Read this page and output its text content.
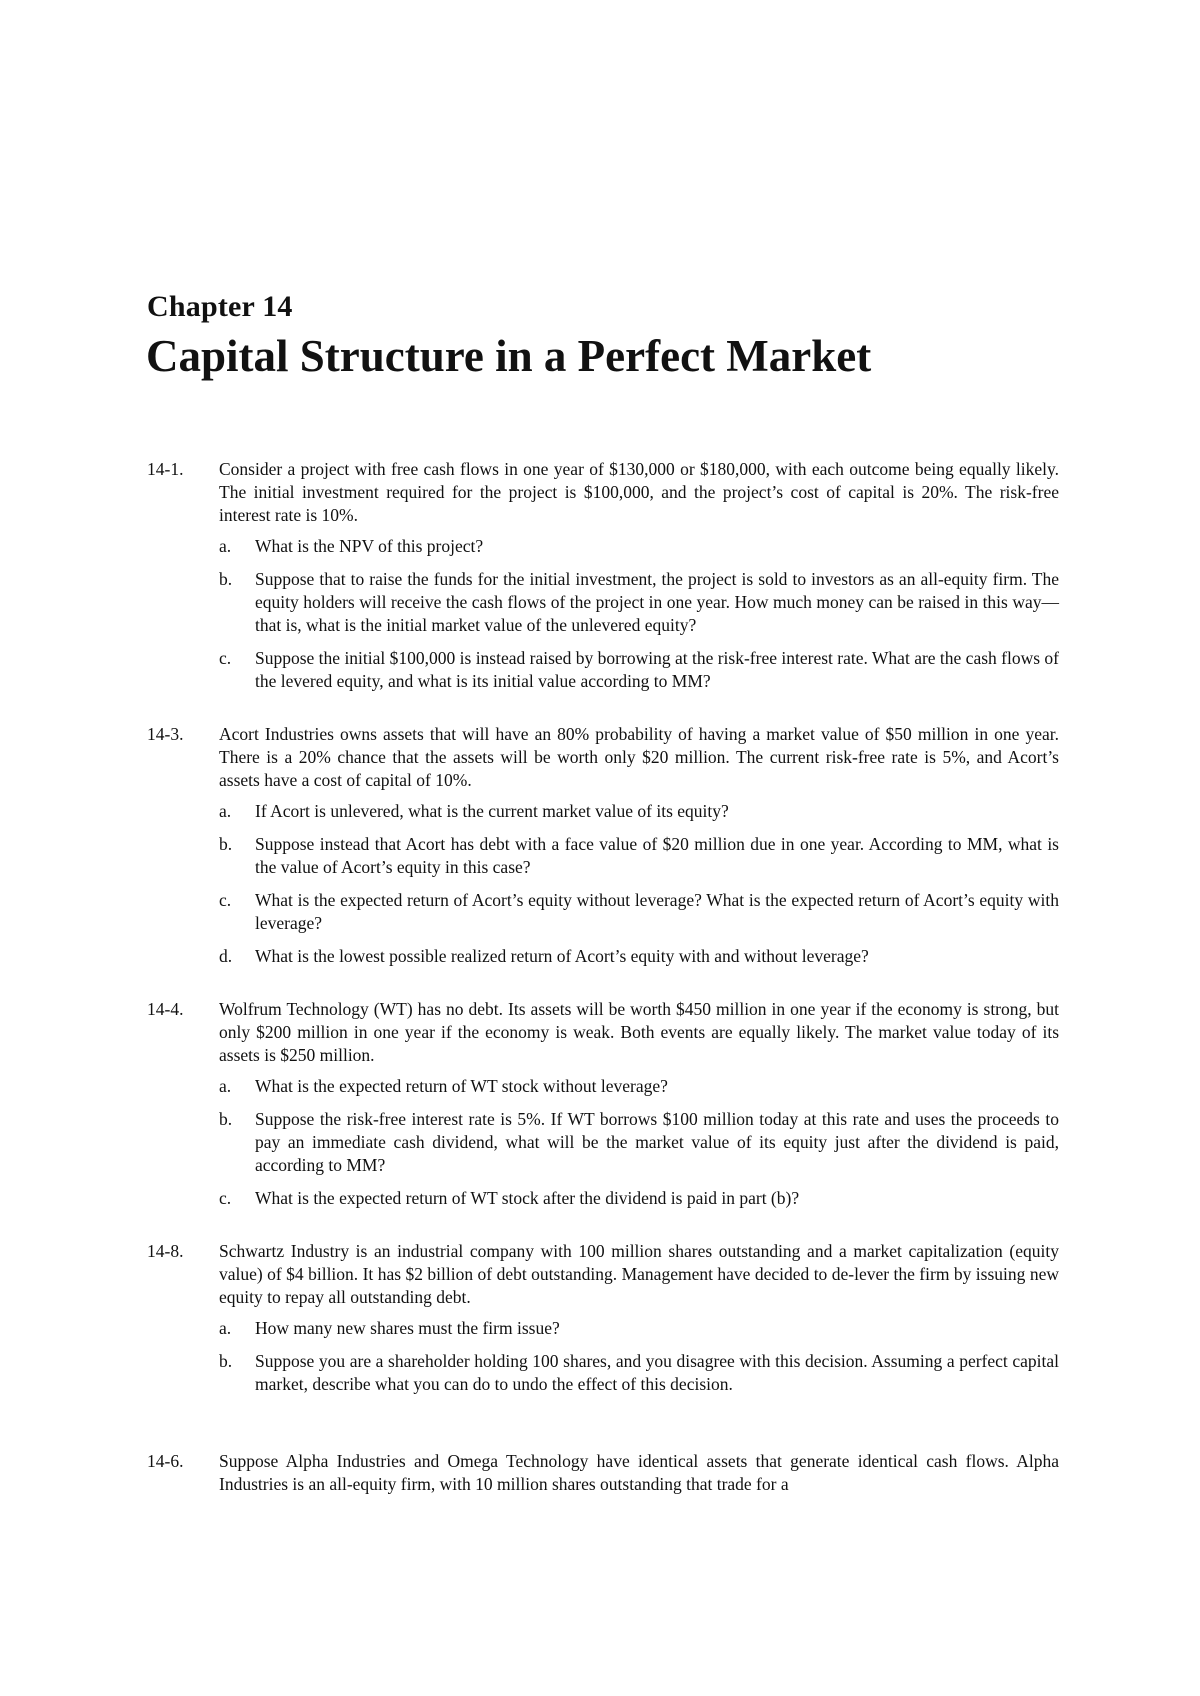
Chapter 14
Capital Structure in a Perfect Market
14-1.	Consider a project with free cash flows in one year of $130,000 or $180,000, with each outcome being equally likely. The initial investment required for the project is $100,000, and the project’s cost of capital is 20%. The risk-free interest rate is 10%.
a.	What is the NPV of this project?
b.	Suppose that to raise the funds for the initial investment, the project is sold to investors as an all-equity firm. The equity holders will receive the cash flows of the project in one year. How much money can be raised in this way—that is, what is the initial market value of the unlevered equity?
c.	Suppose the initial $100,000 is instead raised by borrowing at the risk-free interest rate. What are the cash flows of the levered equity, and what is its initial value according to MM?
14-3.	Acort Industries owns assets that will have an 80% probability of having a market value of $50 million in one year. There is a 20% chance that the assets will be worth only $20 million. The current risk-free rate is 5%, and Acort’s assets have a cost of capital of 10%.
a.	If Acort is unlevered, what is the current market value of its equity?
b.	Suppose instead that Acort has debt with a face value of $20 million due in one year. According to MM, what is the value of Acort’s equity in this case?
c.	What is the expected return of Acort’s equity without leverage? What is the expected return of Acort’s equity with leverage?
d.	What is the lowest possible realized return of Acort’s equity with and without leverage?
14-4.	Wolfrum Technology (WT) has no debt. Its assets will be worth $450 million in one year if the economy is strong, but only $200 million in one year if the economy is weak. Both events are equally likely. The market value today of its assets is $250 million.
a.	What is the expected return of WT stock without leverage?
b.	Suppose the risk-free interest rate is 5%. If WT borrows $100 million today at this rate and uses the proceeds to pay an immediate cash dividend, what will be the market value of its equity just after the dividend is paid, according to MM?
c.	What is the expected return of WT stock after the dividend is paid in part (b)?
14-8.	Schwartz Industry is an industrial company with 100 million shares outstanding and a market capitalization (equity value) of $4 billion. It has $2 billion of debt outstanding. Management have decided to de-lever the firm by issuing new equity to repay all outstanding debt.
a.	How many new shares must the firm issue?
b.	Suppose you are a shareholder holding 100 shares, and you disagree with this decision. Assuming a perfect capital market, describe what you can do to undo the effect of this decision.
14-6.	Suppose Alpha Industries and Omega Technology have identical assets that generate identical cash flows. Alpha Industries is an all-equity firm, with 10 million shares outstanding that trade for a
